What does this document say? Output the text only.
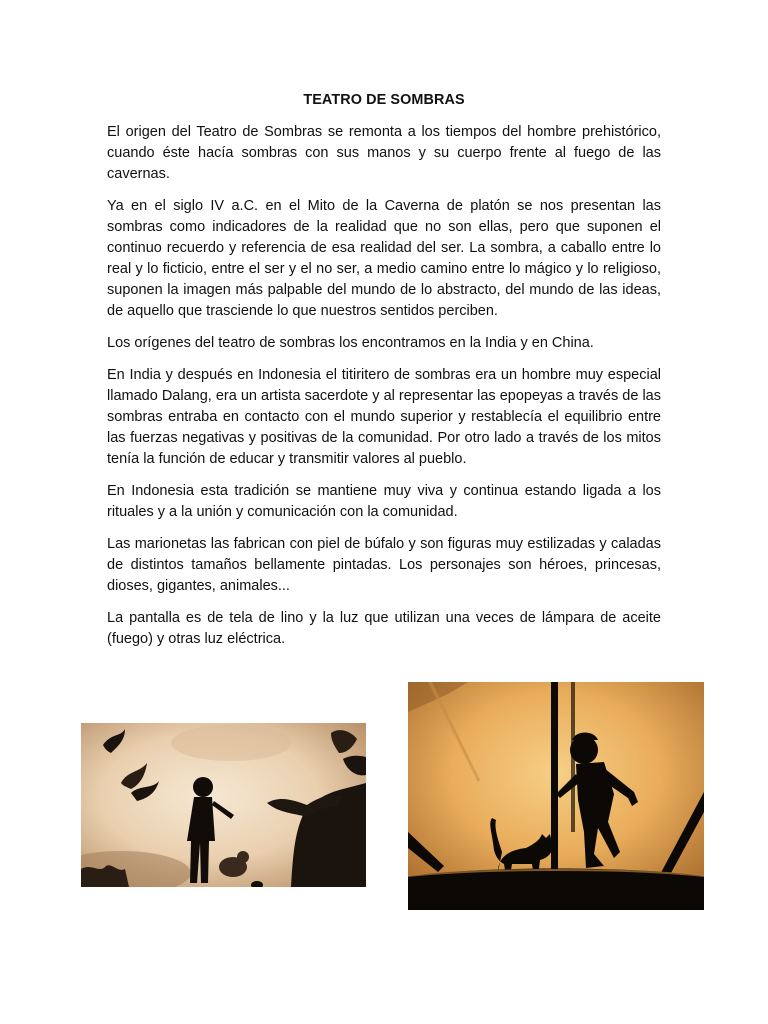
TEATRO DE SOMBRAS

El origen del Teatro de Sombras se remonta a los tiempos del hombre prehistórico, cuando éste hacía sombras con sus manos y su cuerpo frente al fuego de las cavernas.

Ya en el siglo IV a.C. en el Mito de la Caverna de platón se nos presentan las sombras como indicadores de la realidad que no son ellas, pero que suponen el continuo recuerdo y referencia de esa realidad del ser. La sombra, a caballo entre lo real y lo ficticio, entre el ser y el no ser, a medio camino entre lo mágico y lo religioso, suponen la imagen más palpable del mundo de lo abstracto, del mundo de las ideas, de aquello que trasciende lo que nuestros sentidos perciben.

Los orígenes del teatro de sombras los encontramos en la India y en China.

En India y después en Indonesia el titiritero de sombras era un hombre muy especial llamado Dalang, era un artista sacerdote y al representar las epopeyas a través de las sombras entraba en contacto con el mundo superior y restablecía el equilibrio entre las fuerzas negativas y positivas de la comunidad. Por otro lado a través de los mitos tenía la función de educar y transmitir valores al pueblo.

En Indonesia esta tradición se mantiene muy viva y continua estando ligada a los rituales y a la unión y comunicación con la comunidad.

Las marionetas las fabrican con piel de búfalo y son figuras muy estilizadas y caladas de distintos tamaños bellamente pintadas. Los personajes son héroes, princesas, dioses, gigantes, animales...

La pantalla es de tela de lino y la luz que utilizan una veces de lámpara de aceite (fuego) y otras luz eléctrica.
